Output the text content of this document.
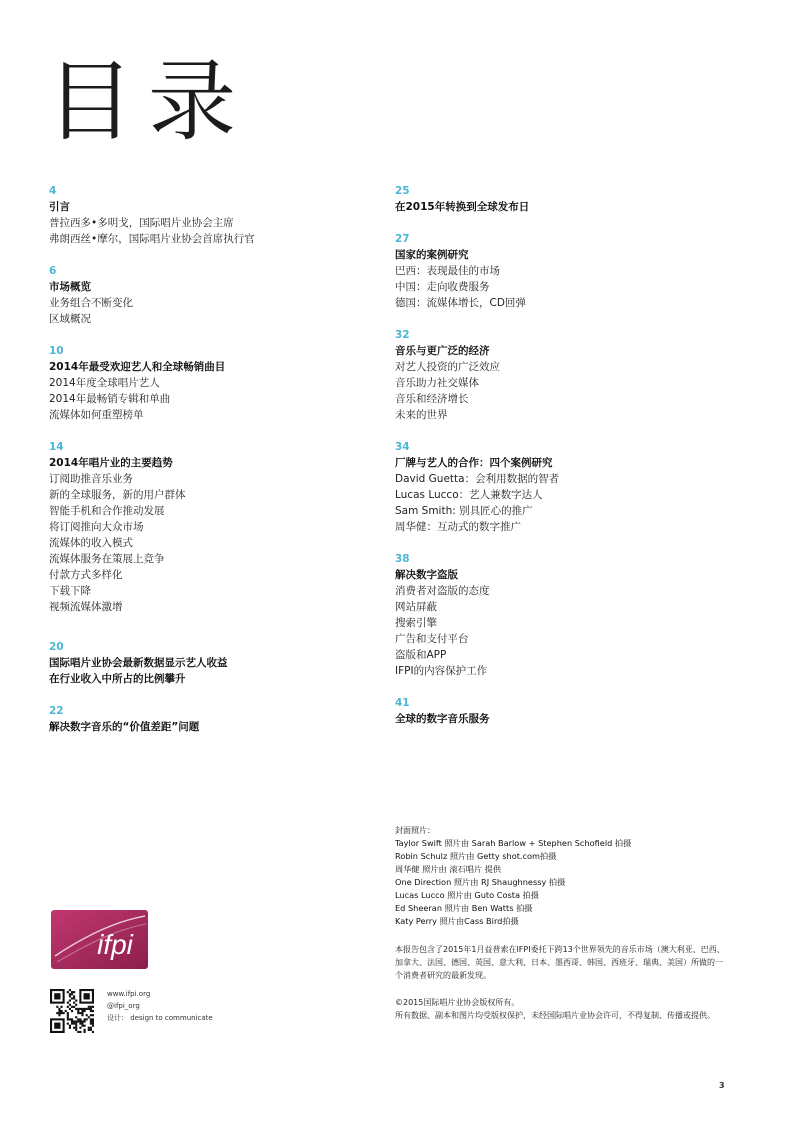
目录
4
引言
普拉西多•多明戈，国际唱片业协会主席
弗朗西丝•摩尔，国际唱片业协会首席执行官
6
市场概览
业务组合不断变化
区域概况
10
2014年最受欢迎艺人和全球畅销曲目
2014年度全球唱片艺人
2014年最畅销专辑和单曲
流媒体如何重塑榜单
14
2014年唱片业的主要趋势
订阅助推音乐业务
新的全球服务，新的用户群体
智能手机和合作推动发展
将订阅推向大众市场
流媒体的收入模式
流媒体服务在策展上竞争
付款方式多样化
下载下降
视频流媒体激增
20
国际唱片业协会最新数据显示艺人收益
在行业收入中所占的比例攀升
22
解决数字音乐的“价值差距”问题
25
在2015年转换到全球发布日
27
国家的案例研究
巴西：表现最佳的市场
中国：走向收费服务
德国：流媒体增长，CD回弹
32
音乐与更广泛的经济
对艺人投资的广泛效应
音乐助力社交媒体
音乐和经济增长
未来的世界
34
厂牌与艺人的合作：四个案例研究
David Guetta：会利用数据的智者
Lucas Lucco：艺人兼数字达人
Sam Smith: 别具匠心的推广
周华健：互动式的数字推广
38
解决数字盗版
消费者对盗版的态度
网站屏蔽
搜索引擎
广告和支付平台
盗版和APP
IFPI的内容保护工作
41
全球的数字音乐服务
封面照片：
Taylor Swift 照片由 Sarah Barlow + Stephen Schofield 拍摄
Robin Schulz 照片由 Getty shot.com拍摄
周华健 照片由 滚石唱片 提供
One Direction 照片由 RJ Shaughnessy 拍摄
Lucas Lucco 照片由 Guto Costa 拍摄
Ed Sheeran 照片由 Ben Watts 拍摄
Katy Perry 照片由Cass Bird拍摄
本报告包含了2015年1月益普索在IFPI委托下跨13个世界领先的音乐市场（澳大利亚、巴西、加拿大、法国、德国、英国、意大利、日本、墨西哥、韩国、西班牙、瑞典、美国）所做的一个消费者研究的最新发现。
©2015国际唱片业协会版权所有。
所有数据、副本和图片均受版权保护，未经国际唱片业协会许可，不得复制、传播或提供。
ifpi
www.ifpi.org
@ifpi_org
设计： design to communicate
3
